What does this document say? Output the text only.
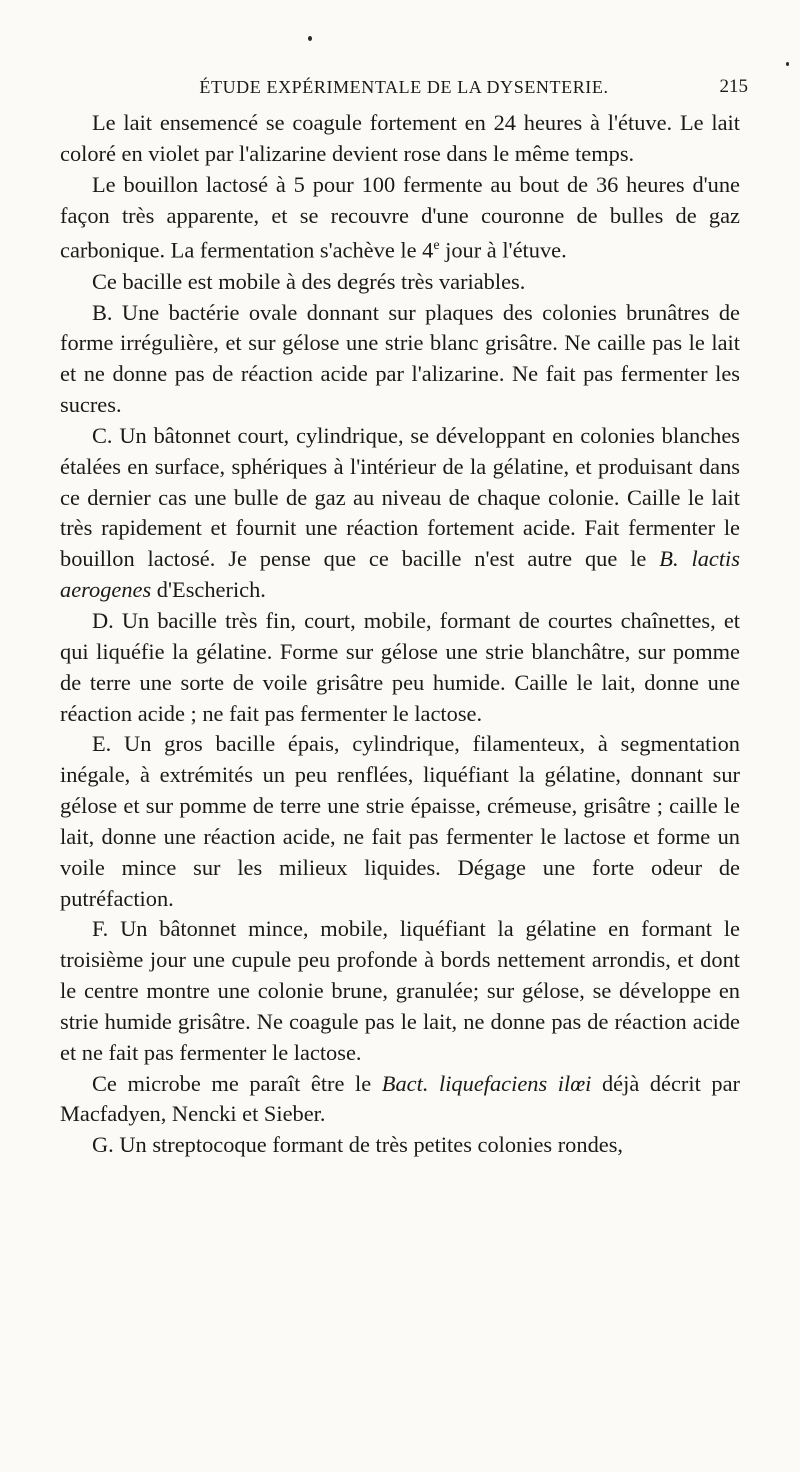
ÉTUDE EXPÉRIMENTALE DE LA DYSENTERIE.	215

Le lait ensemencé se coagule fortement en 24 heures à l'étuve. Le lait coloré en violet par l'alizarine devient rose dans le même temps.

Le bouillon lactosé à 5 pour 100 fermente au bout de 36 heures d'une façon très apparente, et se recouvre d'une couronne de bulles de gaz carbonique. La fermentation s'achève le 4e jour à l'étuve.

Ce bacille est mobile à des degrés très variables.

B. Une bactérie ovale donnant sur plaques des colonies brunâtres de forme irrégulière, et sur gélose une strie blanc grisâtre. Ne caille pas le lait et ne donne pas de réaction acide par l'alizarine. Ne fait pas fermenter les sucres.

C. Un bâtonnet court, cylindrique, se développant en colonies blanches étalées en surface, sphériques à l'intérieur de la gélatine, et produisant dans ce dernier cas une bulle de gaz au niveau de chaque colonie. Caille le lait très rapidement et fournit une réaction fortement acide. Fait fermenter le bouillon lactosé. Je pense que ce bacille n'est autre que le B. lactis aerogenes d'Escherich.

D. Un bacille très fin, court, mobile, formant de courtes chaînettes, et qui liquéfie la gélatine. Forme sur gélose une strie blanchâtre, sur pomme de terre une sorte de voile grisâtre peu humide. Caille le lait, donne une réaction acide ; ne fait pas fermenter le lactose.

E. Un gros bacille épais, cylindrique, filamenteux, à segmentation inégale, à extrémités un peu renflées, liquéfiant la gélatine, donnant sur gélose et sur pomme de terre une strie épaisse, crémeuse, grisâtre ; caille le lait, donne une réaction acide, ne fait pas fermenter le lactose et forme un voile mince sur les milieux liquides. Dégage une forte odeur de putréfaction.

F. Un bâtonnet mince, mobile, liquéfiant la gélatine en formant le troisième jour une cupule peu profonde à bords nettement arrondis, et dont le centre montre une colonie brune, granulée; sur gélose, se développe en strie humide grisâtre. Ne coagule pas le lait, ne donne pas de réaction acide et ne fait pas fermenter le lactose.

Ce microbe me paraît être le Bact. liquefaciens ilœi déjà décrit par Macfadyen, Nencki et Sieber.

G. Un streptocoque formant de très petites colonies rondes,
